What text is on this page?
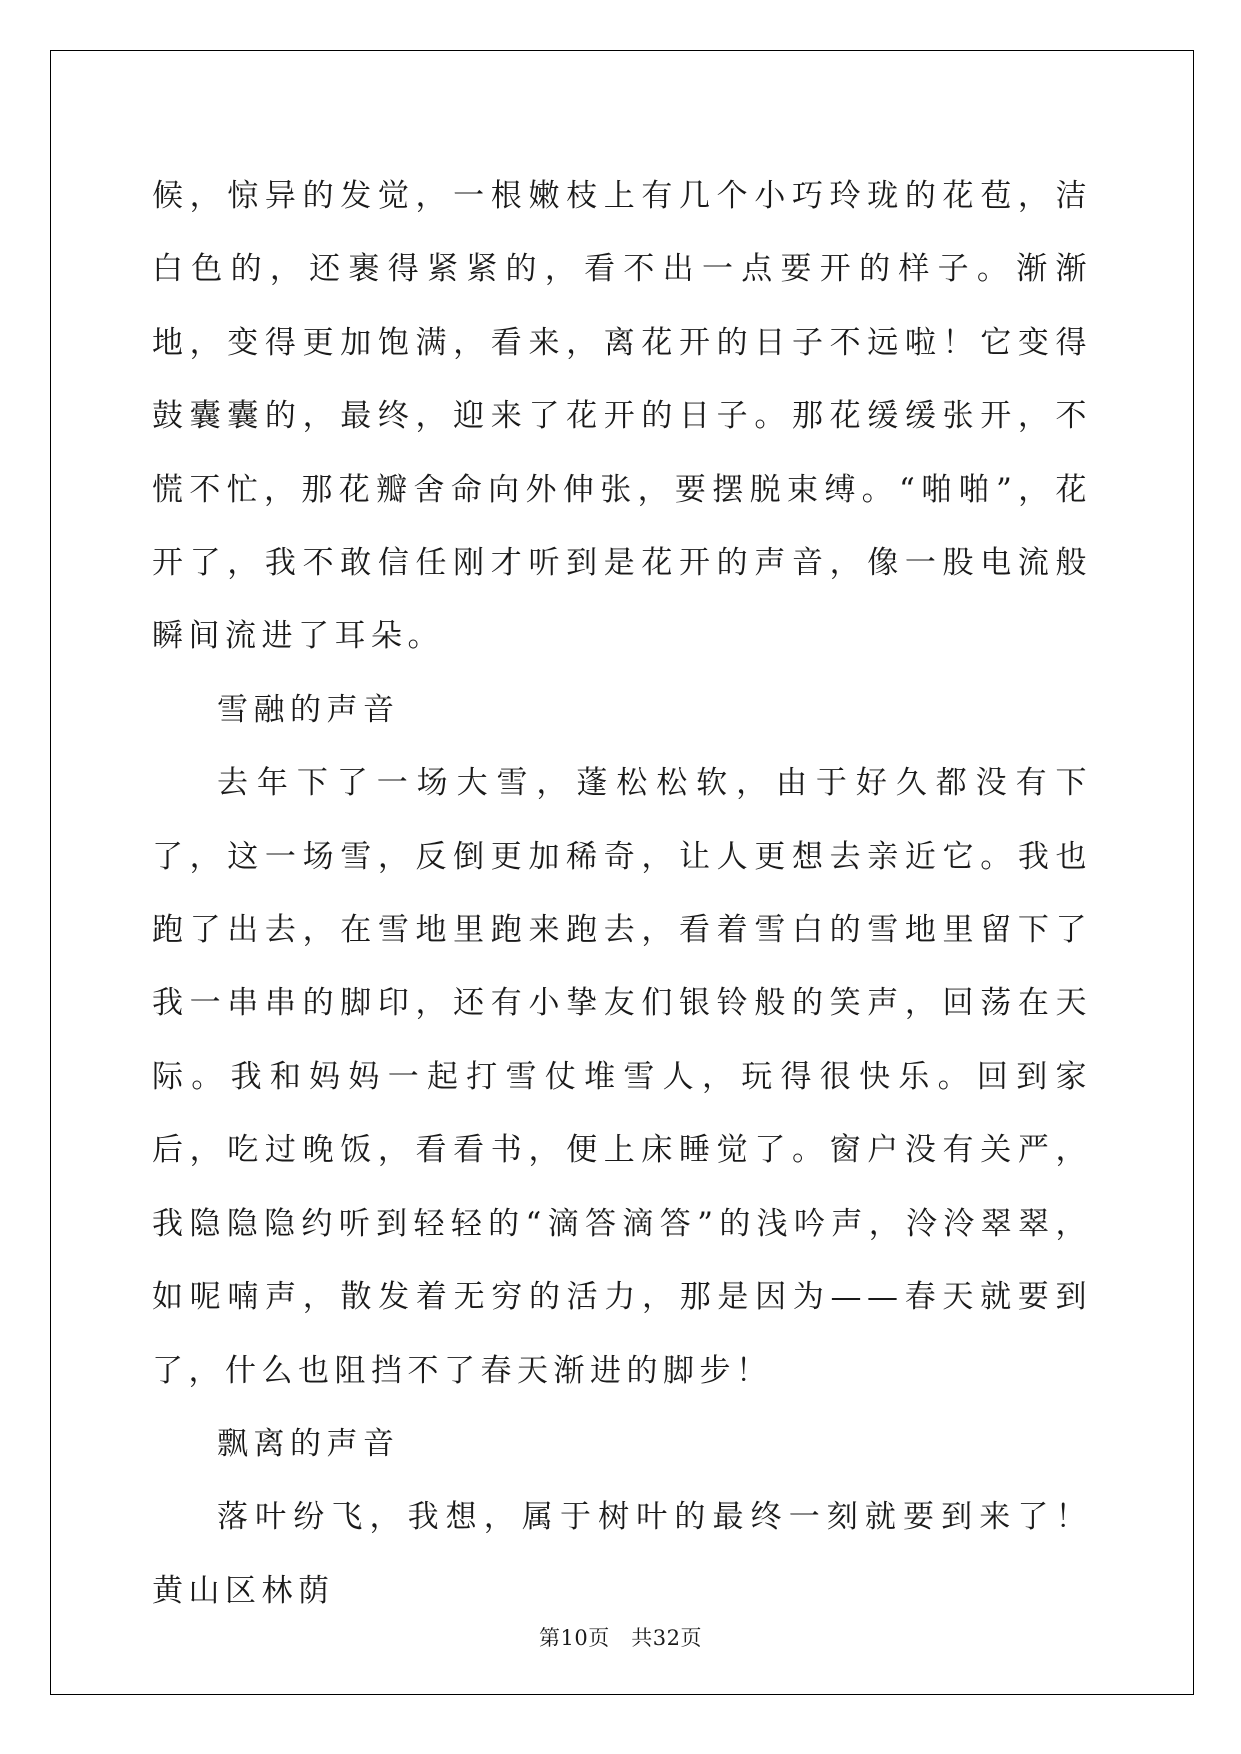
候，惊异的发觉，一根嫩枝上有几个小巧玲珑的花苞，洁白色的，还裹得紧紧的，看不出一点要开的样子。渐渐地，变得更加饱满，看来，离花开的日子不远啦！它变得鼓囊囊的，最终，迎来了花开的日子。那花缓缓张开，不慌不忙，那花瓣舍命向外伸张，要摆脱束缚。“啪啪”，花开了，我不敢信任刚才听到是花开的声音，像一股电流般瞬间流进了耳朵。

雪融的声音

去年下了一场大雪，蓬松松软，由于好久都没有下了，这一场雪，反倒更加稀奇，让人更想去亲近它。我也跑了出去，在雪地里跑来跑去，看着雪白的雪地里留下了我一串串的脚印，还有小挚友们银铃般的笑声，回荡在天际。我和妈妈一起打雪仗堆雪人，玩得很快乐。回到家后，吃过晚饭，看看书，便上床睡觉了。窗户没有关严，我隐隐隐约听到轻轻的“滴答滴答”的浅吟声，泠泠翠翠，如呢喃声，散发着无穷的活力，那是因为——春天就要到了，什么也阻挡不了春天渐进的脚步！

飘离的声音

落叶纷飞，我想，属于树叶的最终一刻就要到来了！黄山区林荫

第10页　共32页
